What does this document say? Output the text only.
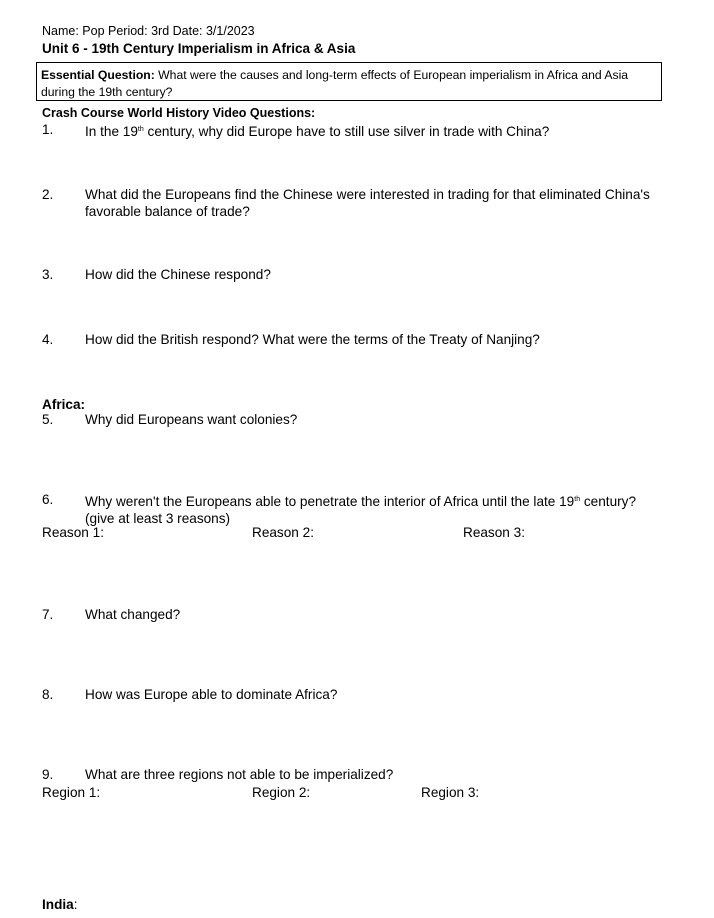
Name: Pop Period: 3rd Date: 3/1/2023
Unit 6 - 19th Century Imperialism in Africa & Asia
Essential Question: What were the causes and long-term effects of European imperialism in Africa and Asia
during the 19th century?
Crash Course World History Video Questions:
1. In the 19th century, why did Europe have to still use silver in trade with China?
2. What did the Europeans find the Chinese were interested in trading for that eliminated China's
favorable balance of trade?
3. How did the Chinese respond?
4. How did the British respond? What were the terms of the Treaty of Nanjing?
Africa:
5. Why did Europeans want colonies?
6. Why weren't the Europeans able to penetrate the interior of Africa until the late 19th century?
(give at least 3 reasons)
Reason 1:	Reason 2:	Reason 3:
7. What changed?
8. How was Europe able to dominate Africa?
9. What are three regions not able to be imperialized?
Region 1:	Region 2:	Region 3:
India:
